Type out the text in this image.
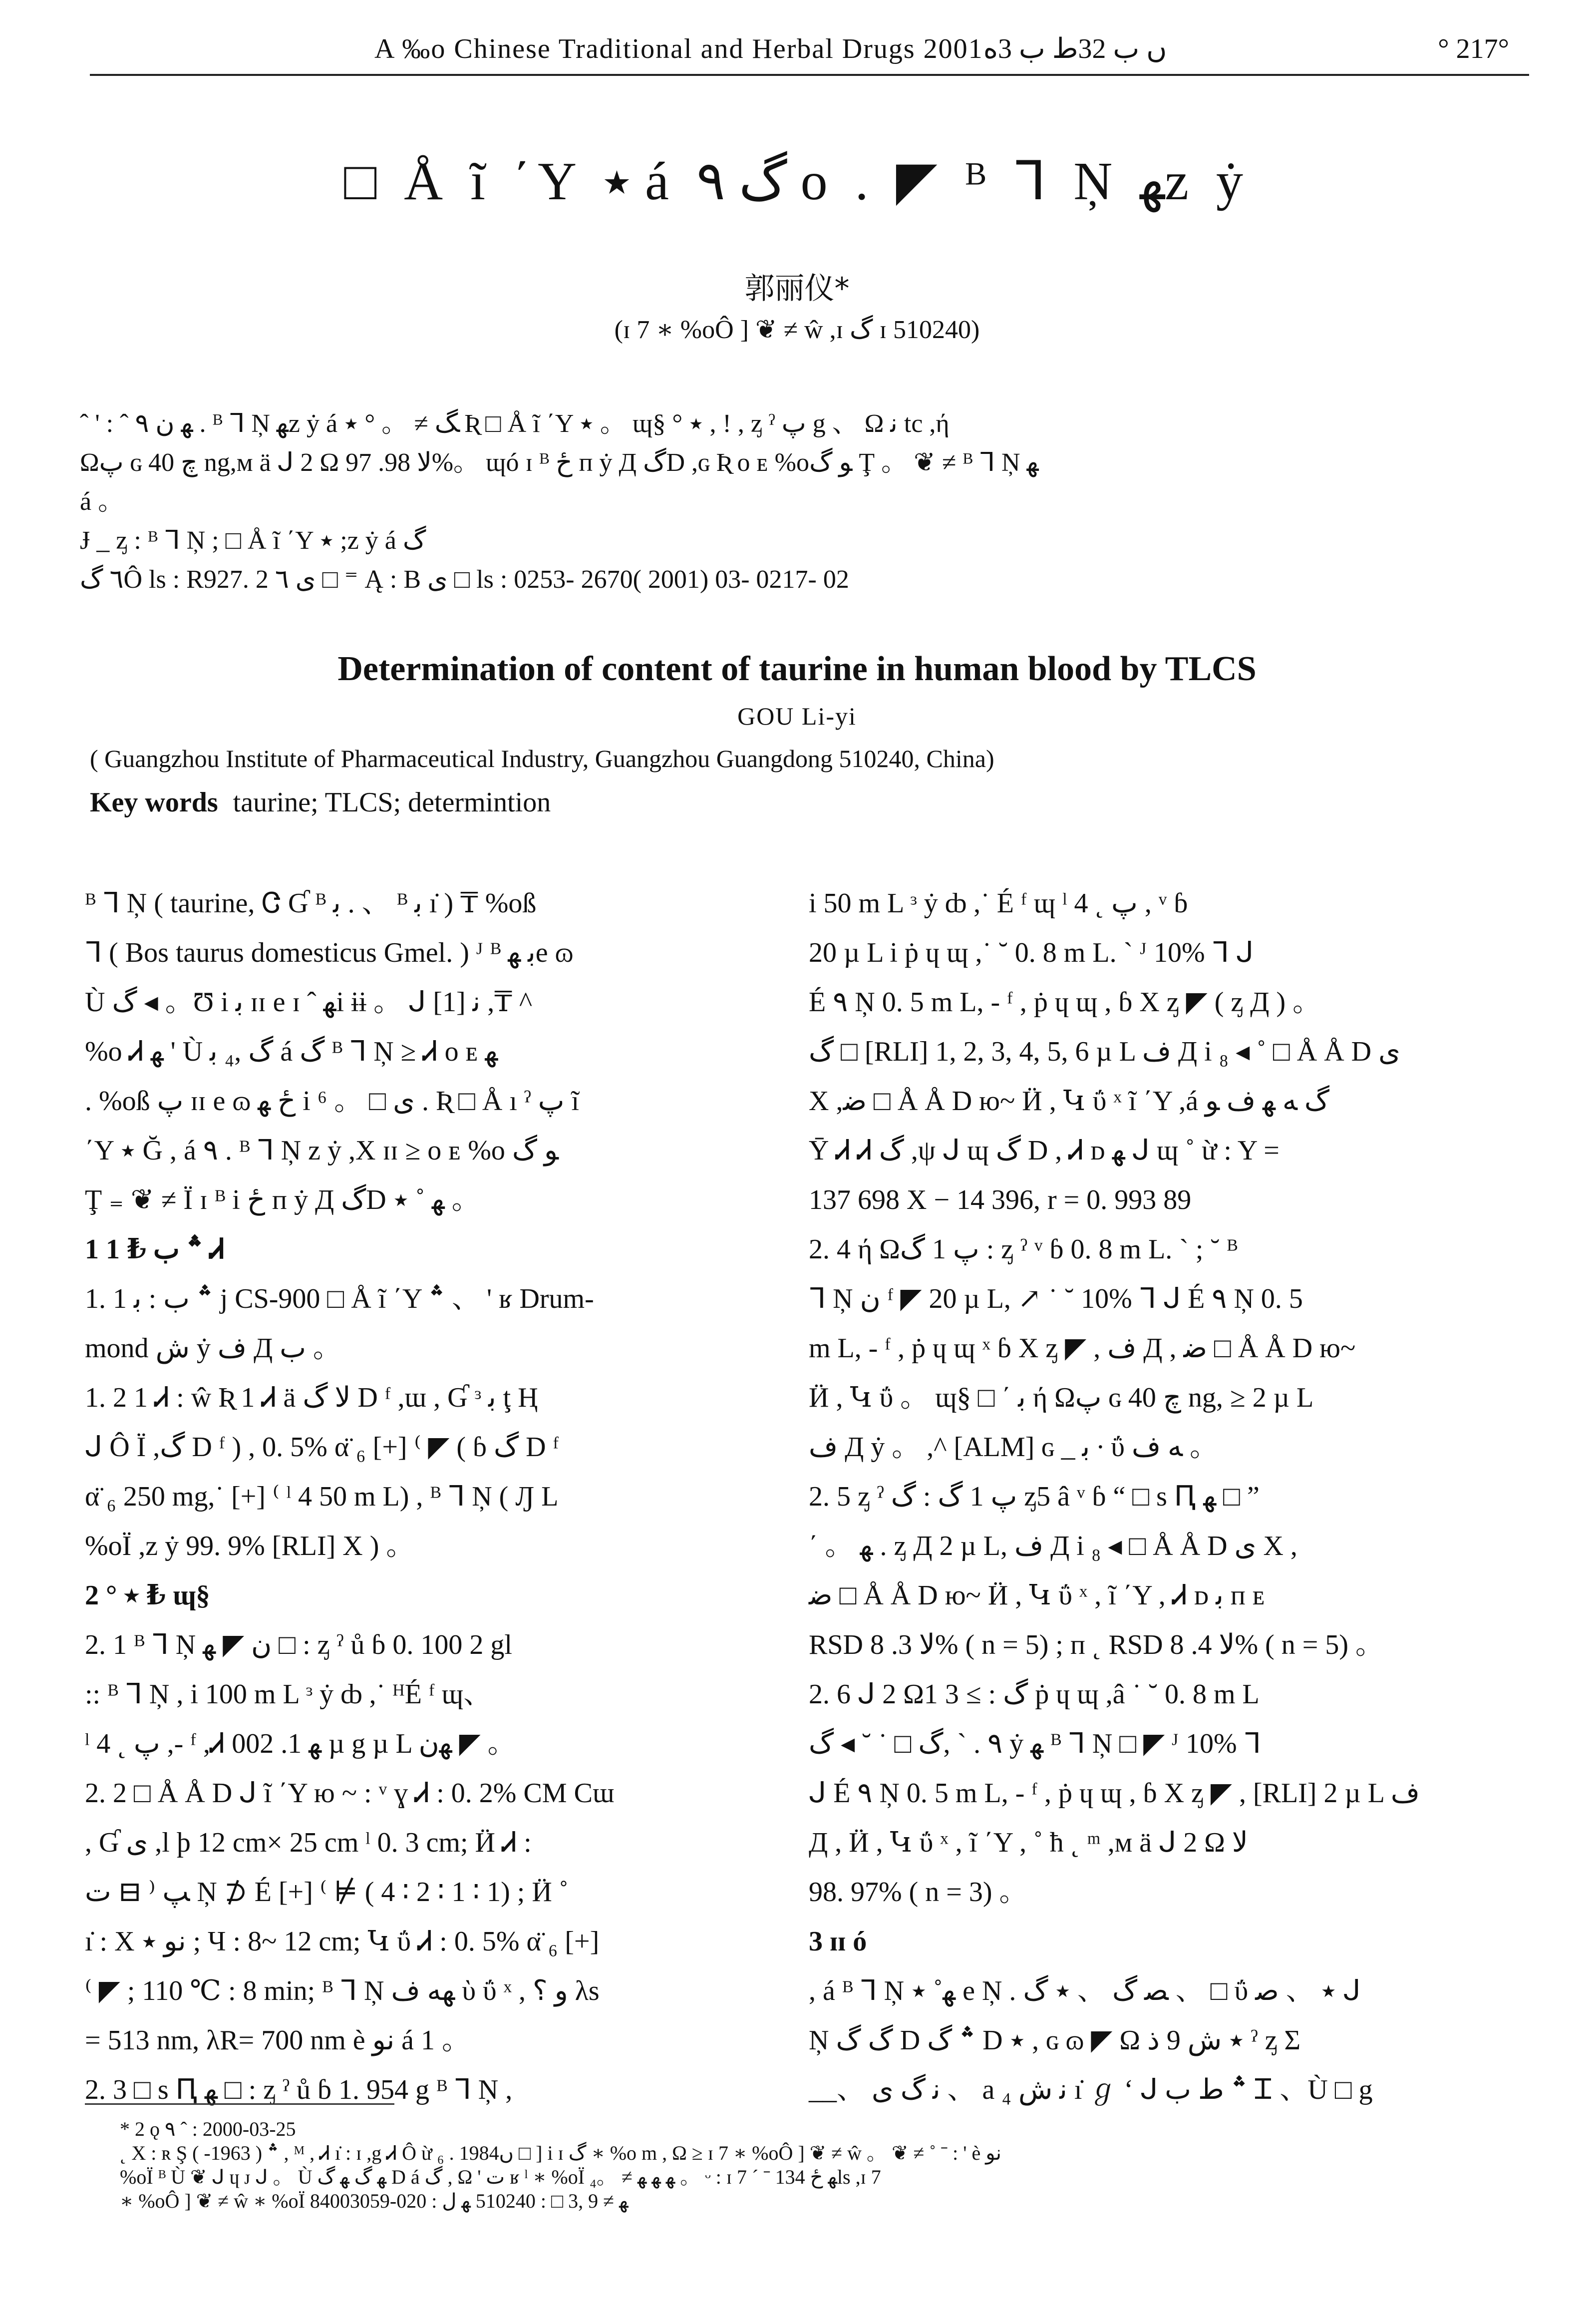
A ‰o Chinese Traditional and Herbal Drugs 2001ں ب 32ط ب 3ه	° 217°
□ Å ĩ ΄Υ ٭ á گ ٩ o . ◤ ᴮ ᒣ Ņ ﻬz ẏ
郭丽仪*
(ɪ 7 ∗ %oÔ ] ❦ ≠ ŵ ,ɪ گ ɪ 510240)

ˆ ' : ˆ ﻬ ن ٩ . ᴮ ᒣ Ņ ﻬz ẏ á ﮓ ≠ 。 ° ٭ Ʀ □ Å ĩ ΄Υ ٭ 。 ɰ§ ° ٭ , ! , ᶎ ˀ پ g 、 Ω ﻧ tc ,ή

Ωپ ɢ ﭺ 40 ng,ᴍ ä ᒍ 2 Ω ﻻ 98. 97%。 ɰó ɪ ᴮ ځ ᴨ ẏ Д گD ,ɢ Ʀ ᴏ ᴇ %oﻮ گ Ţ 。 ❦ ≠ ᴮ ᒣ Ņ ﻬ

á 。

Ɉ _ ᶎ : ᴮ ᒣ Ņ ; □ Å ĩ ΄Υ ٭ ;z ẏ á گ

٦ گÔ ls : R927. 2 ى ٦ □ ⁼ Ą : B ى □ ls : 0253- 2670( 2001) 03- 0217- 02

Determination of content of taurine in human blood by TLCS
GOU Li-yi
( Guangzhou Institute of Pharmaceutical Industry, Guangzhou Guangdong 510240, China)
Key words taurine; TLCS; determintion

ᴮ ᒣ Ņ ( taurine, Ꮳ Ɠ ᴮ ﺑ . 、 ᴮ ﺑ ı̇ ) ₸ %oß

ᒣ ( Bos taurus domesticus Gmel. ) ᴶ ᴮ ﺑ ﻬe ɷ

Ù گ ◂ 。Ʊ i ﺑ ɪɪ e ɪ ˆ ﻬi ɨɨ 。 ᒍ ﻧ [1] ,₸ ^

%o Ꮧ ﻬ ' Ù گ ,₄ ﺑ á گ ᴮ ᒣ Ņ ≥ Ꮧ ᴏ ᴇ ﻬ

. %oß پ ɪɪ e ɷ ځ ﻬ i ⁶ 。 □ ى . Ʀ □ Å ı ˀ پ ĩ

΄Υ ٭ Ğ , á ٩ . ᴮ ᒣ Ņ z ẏ ,X ɪɪ ≥ ᴏ ᴇ %o ﻮ گ

Ţ ₌ ❦ ≠ Ï ɪ ᴮ i ځ ᴨ ẏ Д گD ﻬ ˚ ٭ 。

1 ؞ ب ₺ 1 Ꮧ

1. 1 ؞ ب : ﺑ j CS-900 □ Å ĩ ΄Υ ؞ 、 ' ʁ Drum-

mond ﺵ ẏ ﻑ Д ب 。

1. 2 1 Ꮧ : ŵ Ʀ 1 Ꮧ ä ﻻ گ D ᶠ ,ɯ , Ɠ ᶟ ﺑ ţ Ң

ᒍ Ô Ï ,گ D ᶠ ) , 0. 5% α̈ ₆ [+] ⁽ ◤ ( ɓ گ D ᶠ

α̈ ₆ 250 mg,˙ [+] ⁽ ˡ 4 50 m L) , ᴮ ᒣ Ņ ( Ԓ L

%oÏ ,z ẏ 99. 9% [RLI] X ) 。

2 ° ٭ ₺ ɰ§

2. 1 ᴮ ᒣ Ņ ن ◤ ﻬ □ : ᶎ ˀ ů ɓ 0. 100 2 gl

:: ᴮ ᒣ Ņ , i 100 m L ᶟ ẏ ȸ ,˙ ᴴÉ ᶠ ɰ、

ˡ 4 ˛ پ ,- ᶠ ,Ꮧ ﻬ 1. 002 µ g µ L ﻬن ◤ 。

2. 2 □ Å Å D ᒍ ĩ ΄Υ ю ~ : ᵛ ɣ Ꮧ : 0. 2% CM Cɯ

, Ɠ ى ,l ϸ 12 cm× 25 cm ˡ 0. 3 cm; Ӥ Ꮧ :

ﭗ ⁽ ⊟ ﺕ Ņ ⊅ É [+] ⁽ ⊭ ( 4 ∶ 2 ∶ 1 ∶ 1) ; Ӥ ˚

ı̇ : X ﻧﻮ ٭ ; Ч : 8~ 12 cm; Կ ΰ Ꮧ : 0. 5% α̈ ₆ [+]

⁽ ◤ ; 110 ℃ : 8 min; ᴮ ᒣ Ņ ﻬﻪ ﻑ ὺ ΰ ˣ , و ؟ λs

= 513 nm, λR= 700 nm è ﻧﻮ á 1 。

2. 3 □ s Ԥ ﻬ □ : ᶎ ˀ ů ɓ 1. 954 g ᴮ ᒣ Ņ ,

i 50 m L ᶟ ẏ ȸ ,˙ É ᶠ ɰ ˡ 4 ˛ پ , ᵛ ɓ

20 µ L i ṗ ɥ ɰ ,˙ ˘ 0. 8 m L. ` ᴶ 10% ᒣ ᒍ

É ٩ Ņ 0. 5 m L, - ᶠ , ṗ ɥ ɰ , ɓ Χ ᶎ ◤ ( ᶎ Д ) 。

گ □ [RLI] 1, 2, 3, 4, 5, 6 µ L ﻑ Д i ₈ ◂ ˚ □ Å Å D ى

Χ ,ﺿ □ Å Å D ю~ Ӥ , Կ ΰ ˣ ĩ ΄Υ ,á گ ﻪ ﻬ ﻑ ﻮ

Ῡ Ꮧ Ꮧ گ ,ψ ᒍ ɰ گ D , Ꮧ ᴅ ﻬ ᒍ ɰ ˚ ừ : Y =

137 698 X − 14 396, r = 0. 993 89

2. 4 ή Ωپ 1 گ : ᶎ ˀ ᵛ ɓ 0. 8 m L. ` ; ˘ ᴮ

ᒣ Ņ ن ᶠ ◤ 20 µ L, ↗ ˙ ˘ 10% ᒣ ᒍ É ٩ Ņ 0. 5

m L, - ᶠ , ṗ ɥ ɰ ˣ ɓ Χ ᶎ ◤ , ﻑ Д , ﺿ □ Å Å D ю~

Ӥ , Կ ΰ 。 ɰ§ □ ΄ ﺑ ή Ωپ ɢ ﭺ 40 ng, ≥ 2 µ L

ﻑ Д ẏ 。 ,^ [ALM] ɢ _ ﺑ ∙ ΰ ﻪ ﻑ 。

2. 5 ᶎ ˀ پ 1 گ : گ ᶎ5 â ᵛ ɓ “ □ s Ԥ ﻬ □ ”

΄ 。 ﻬ . ᶎ Д 2 µ L, ﻑ Д i ₈ ◂ □ Å Å D ى Χ ,

ﺿ □ Å Å D ю~ Ӥ , Կ ΰ ˣ , ĩ ΄Υ , Ꮧ ᴅ ﺑ ᴨ ᴇ

RSD ﻻ 3. 8% ( n = 5) ; ᴨ ˛ RSD ﻻ 4. 8% ( n = 5) 。

2. 6 ᒍ 2 Ω1 گ : ≥ 3 ṗ ɥ ɰ ,â ˙ ˘ 0. 8 m L

٩ . ` ,گ □ ˙ ˘ ◂ گ ẏ ﻬ ᴮ ᒣ Ņ □ ◤ ᴶ 10% ᒣ

ᒍ É ٩ Ņ 0. 5 m L, - ᶠ , ṗ ɥ ɰ , ɓ Χ ᶎ ◤ , [RLI] 2 µ L ﻑ

Д , Ӥ , Կ ΰ ˣ , ĩ ΄Υ , ˚ ħ ˛ ᵐ ,ᴍ ä ᒍ 2 Ω ﻻ

98. 97% ( n = 3) 。

3 ɪɪ ó

, á ᴮ ᒣ Ņ ﻬ˚ ٭ e Ņ . ﺼ گ 、 ٭ گ 、 □ ΰ ٭ 、 ﺻ ᒍ

Ņ گ گ D ؞ گ D ٭ , ɢ ɷ ◤ Ω ٭ ﺵ 9 ﺫ ˀ ᶎ Σ

__、 ﻧ گ ى 、 a ﻧ ﺵ ₄ ı̇ ℊ ʻ ᒍ ؞ ﻁ ب Ꮖ 、Ù □ g

* 2 ǫ ٩ ˆ : 2000-03-25

˛ Χ : ʀ Ş ؞ ( 1963- ) , ᴹ , Ꮧ ı̇ : ɪ ,g Ꮧ Ô ừ ₆ . 1984ں □ ] i ɪ گ ∗ %o m , Ω ≥ ɪ 7 ∗ %oÔ ] ❦ ≠ ŵ 。 ❦ ≠ ˚ ˉ : ' è ﻧﻮ

%oÏ ᴮ Ù ❦ ᒍ ɥ ᴊ ᒍ 。 Ù ﻬ گ ﻬ گ D á گ , Ω ' ت ʁ ˡ ∗ %oÏ ﻬ ﻬ ﻬ ≠ 。₄ 。 ᵕ : ɪ 7 ˊ ˉ ﻬ ځ 134ls ,ɪ 7

∗ %oÔ ] ❦ ≠ ŵ ∗ %oÏ ﻬ ≠ 9 ,3 □ : 510240 ﻬ ﻝ : 020-84003059
